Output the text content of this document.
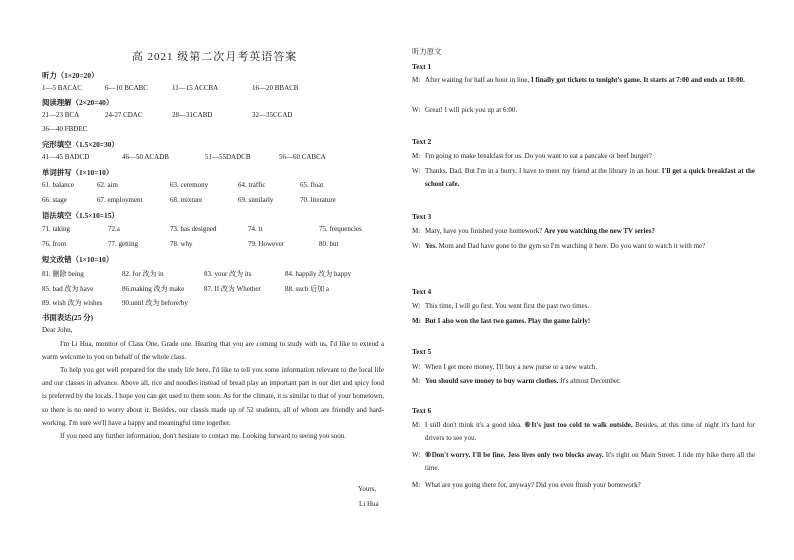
高 2021 级第二次月考英语答案
听力（1×20=20）
1—5 BACAC	6—10 BCABC	11—15 ACCBA	16—20 BBACB
阅读理解（2×20=40）
21—23 BCA	24-27 CDAC	28—31CABD	32—35CCAD
36—40 FBDEC
完形填空（1.5×20=30）
41—45 BADCD	46—50 ACADB	51—55DADCB	56—60 CABCA
单词拼写（1×10=10）
61. balance	62. aim	63. ceremony	64. traffic	65. float
66. stage	67. employment	68. mixture	69. similarly	70. literature
语法填空（1.5×10=15）
71. taking	72.a	73. has designed	74. it	75. frequencies
76. from	77. getting	78. why	79. However	80. but
短文改错（1×10=10）
81. 删除 being	82. for 改为 in	83. your 改为 its	84. happily 改为 happy
85. bad 改为 have	86.making 改为 make	87. If 改为 Whether	88. such 后加 a
89. wish 改为 wishes	90.until 改为 before/by
书面表达(25 分)

Dear John,

I'm Li Hua, monitor of Class One, Grade one. Hearing that you are coming to study with us, I'd like to extend a warm welcome to you on behalf of the whole class.

To help you get well prepared for the study life here, I'd like to tell you some information relevant to the local life and our classes in advance. Above all, rice and noodles instead of bread play an important part in our diet and spicy food is preferred by the locals. I hope you can get used to them soon. As for the climate, it is similar to that of your hometown, so there is no need to worry about it. Besides, our classis made up of 52 students, all of whom are friendly and hard-working. I'm sure we'll have a happy and meaningful time together.

If you need any further information, don't hesitate to contact me. Looking forward to seeing you soon.

Yours,
Li Hua
听力原文
Text 1
M: After waiting for half an hour in line, I finally got tickets to tonight's game. It starts at 7:00 and ends at 10:00.
W: Great! I will pick you up at 6:00.
Text 2
M: I'm going to make breakfast for us. Do you want to eat a pancake or beef burger?
W: Thanks, Dad. But I'm in a hurry. I have to meet my friend at the library in an hour. I'll get a quick breakfast at the school cafe.
Text 3
M: Mary, have you finished your homework? Are you watching the new TV series?
W: Yes. Mom and Dad have gone to the gym so I'm watching it here. Do you want to watch it with me?
Text 4
W: This time, I will go first. You went first the past two times.
M: But I also won the last two games. Play the game fairly!
Text 5
W: When I get more money, I'll buy a new purse or a new watch.
M: You should save money to buy warm clothes. It's almost December.
Text 6
M: I still don't think it's a good idea. ⑥It's just too cold to walk outside. Besides, at this time of night it's hard for drivers to see you.
W: ⑥Don't worry. I'll be fine. Jess lives only two blocks away. It's right on Main Street. I ride my bike there all the time.
M: What are you going there for, anyway? Did you even finish your homework?
